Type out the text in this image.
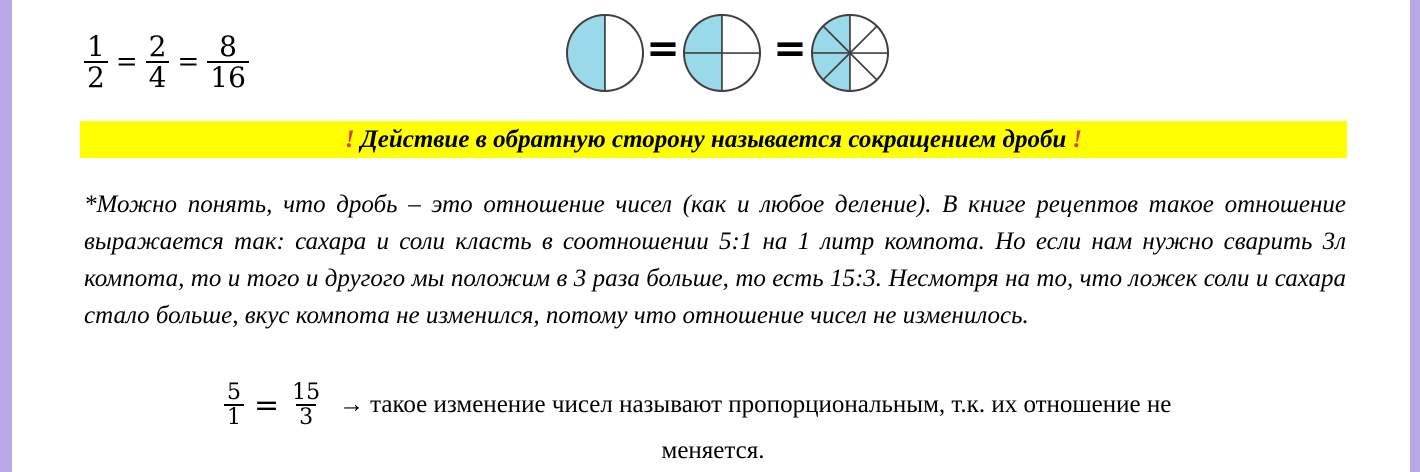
$\frac{1}{2} = \frac{2}{4} = \frac{8}{16}$	= =
! Действие в обратную сторону называется сокращением дроби !
*Можно понять, что дробь – это отношение чисел (как и любое деление). В книге рецептов такое отношение выражается так: сахара и соли класть в соотношении 5:1 на 1 литр компота. Но если нам нужно сварить 3л компота, то и того и другого мы положим в 3 раза больше, то есть 15:3. Несмотря на то, что ложек соли и сахара стало больше, вкус компота не изменился, потому что отношение чисел не изменилось.
$\frac{5}{1} = \frac{15}{3}$ → такое изменение чисел называют пропорциональным, т.к. их отношение не
меняется.
